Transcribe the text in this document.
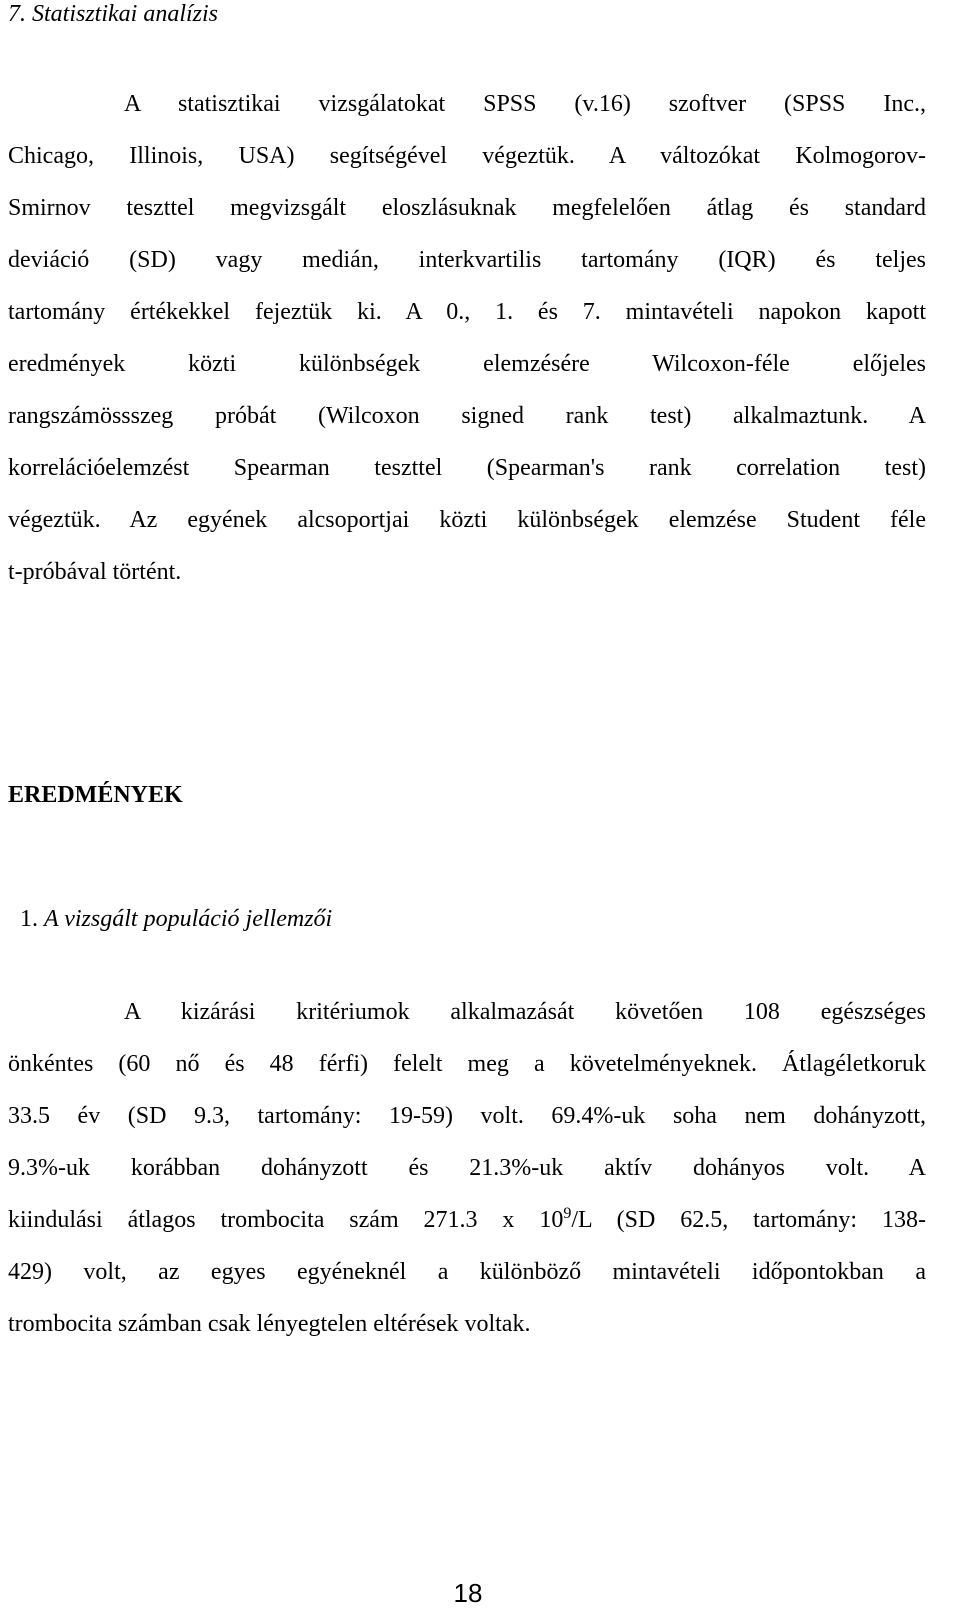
7. Statisztikai analízis

A statisztikai vizsgálatokat SPSS (v.16) szoftver (SPSS Inc.,
Chicago, Illinois, USA) segítségével végeztük. A változókat Kolmogorov-
Smirnov teszttel megvizsgált eloszlásuknak megfelelően átlag és standard
deviáció (SD) vagy medián, interkvartilis tartomány (IQR) és teljes
tartomány értékekkel fejeztük ki. A 0., 1. és 7. mintavételi napokon kapott
eredmények közti különbségek elemzésére Wilcoxon-féle előjeles
rangszámössszeg próbát (Wilcoxon signed rank test) alkalmaztunk. A
korrelációelemzést Spearman teszttel (Spearman's rank correlation test)
végeztük. Az egyének alcsoportjai közti különbségek elemzése Student féle
t-próbával történt.

EREDMÉNYEK

1. A vizsgált populáció jellemzői

A kizárási kritériumok alkalmazását követően 108 egészséges
önkéntes (60 nő és 48 férfi) felelt meg a követelményeknek. Átlagéletkoruk
33.5 év (SD 9.3, tartomány: 19-59) volt. 69.4%-uk soha nem dohányzott,
9.3%-uk korábban dohányzott és 21.3%-uk aktív dohányos volt. A
kiindulási átlagos trombocita szám 271.3 x $10^9/L$ (SD 62.5, tartomány: 138-
429) volt, az egyes egyéneknél a különböző mintavételi időpontokban a
trombocita számban csak lényegtelen eltérések voltak.
18
